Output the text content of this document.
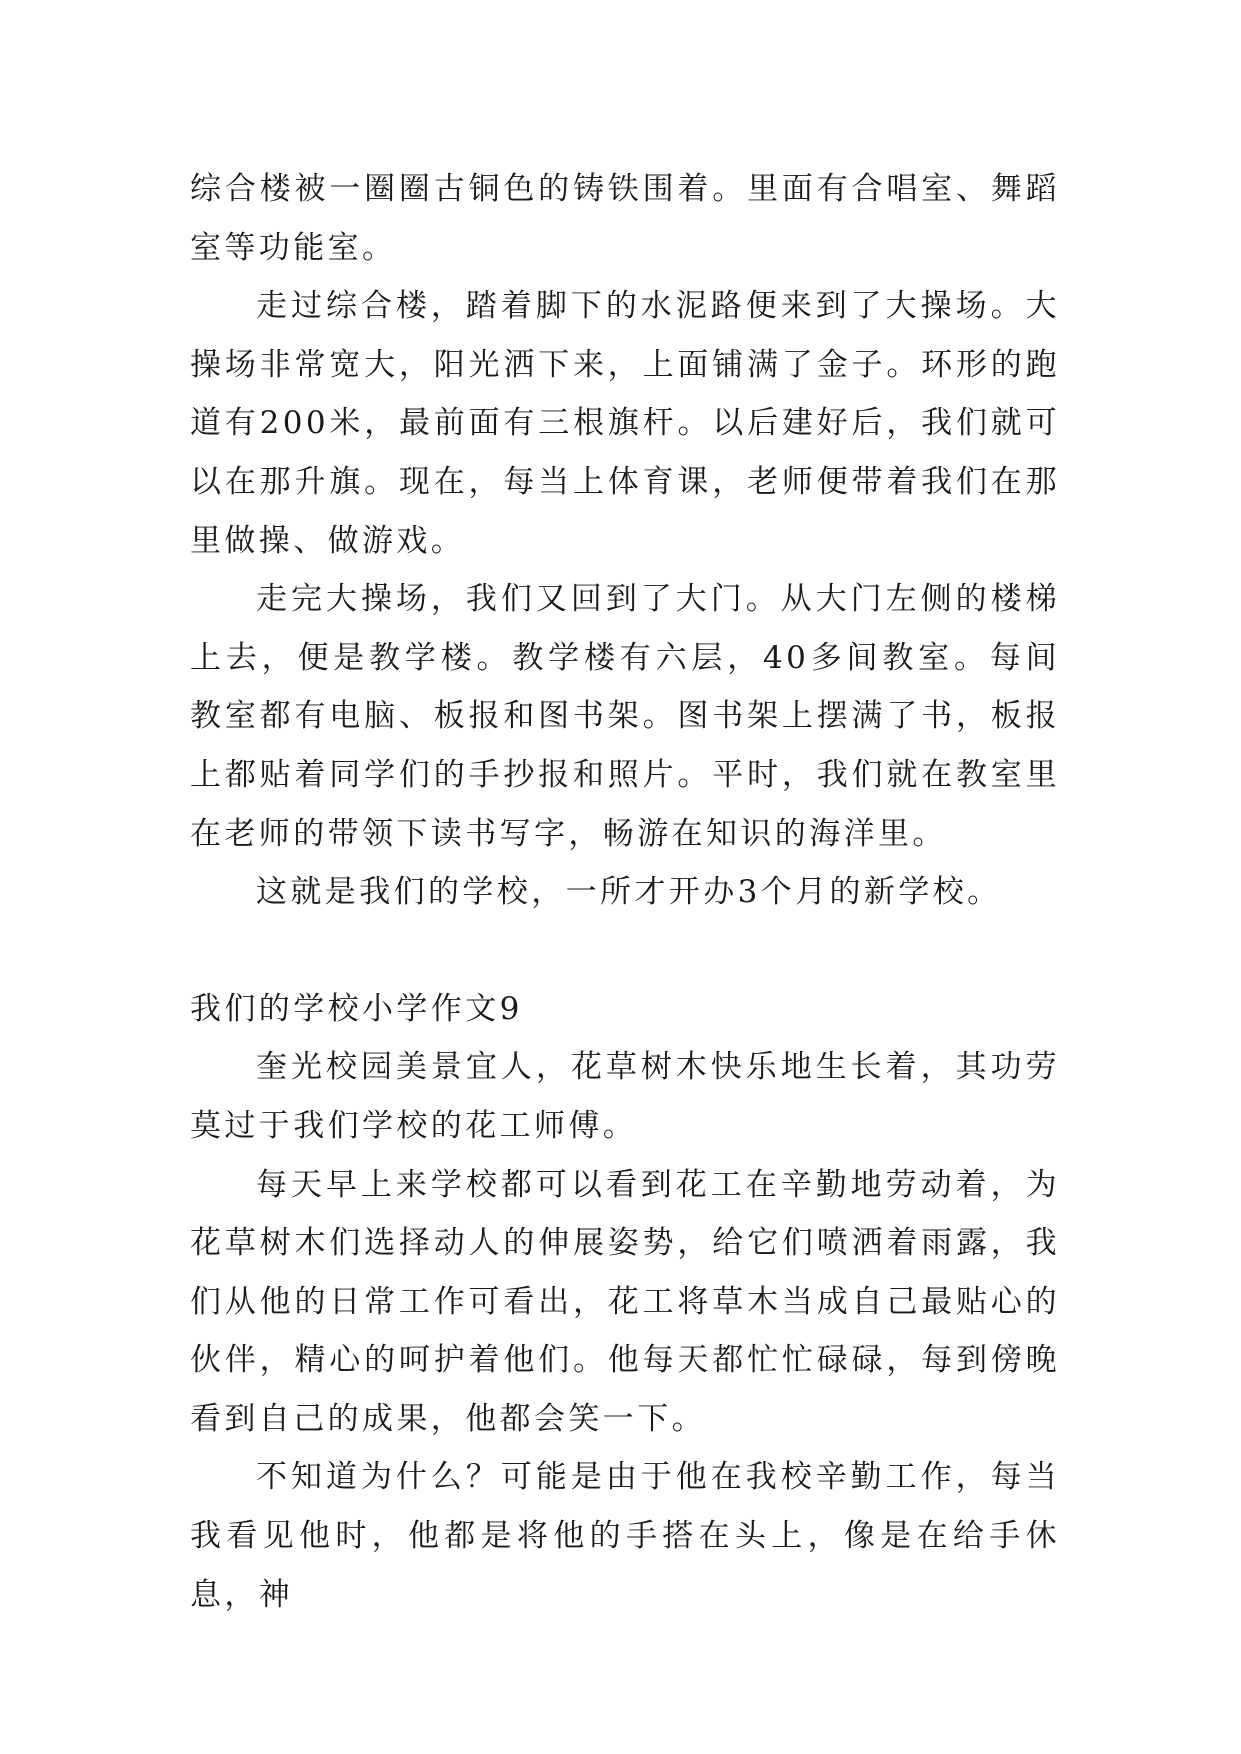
综合楼被一圈圈古铜色的铸铁围着。里面有合唱室、舞蹈室等功能室。

走过综合楼，踏着脚下的水泥路便来到了大操场。大操场非常宽大，阳光洒下来，上面铺满了金子。环形的跑道有200米，最前面有三根旗杆。以后建好后，我们就可以在那升旗。现在，每当上体育课，老师便带着我们在那里做操、做游戏。

走完大操场，我们又回到了大门。从大门左侧的楼梯上去，便是教学楼。教学楼有六层，40多间教室。每间教室都有电脑、板报和图书架。图书架上摆满了书，板报上都贴着同学们的手抄报和照片。平时，我们就在教室里在老师的带领下读书写字，畅游在知识的海洋里。

这就是我们的学校，一所才开办3个月的新学校。

我们的学校小学作文9

奎光校园美景宜人，花草树木快乐地生长着，其功劳莫过于我们学校的花工师傅。

每天早上来学校都可以看到花工在辛勤地劳动着，为花草树木们选择动人的伸展姿势，给它们喷洒着雨露，我们从他的日常工作可看出，花工将草木当成自己最贴心的伙伴，精心的呵护着他们。他每天都忙忙碌碌，每到傍晚看到自己的成果，他都会笑一下。

不知道为什么？可能是由于他在我校辛勤工作，每当我看见他时，他都是将他的手搭在头上，像是在给手休息，神
